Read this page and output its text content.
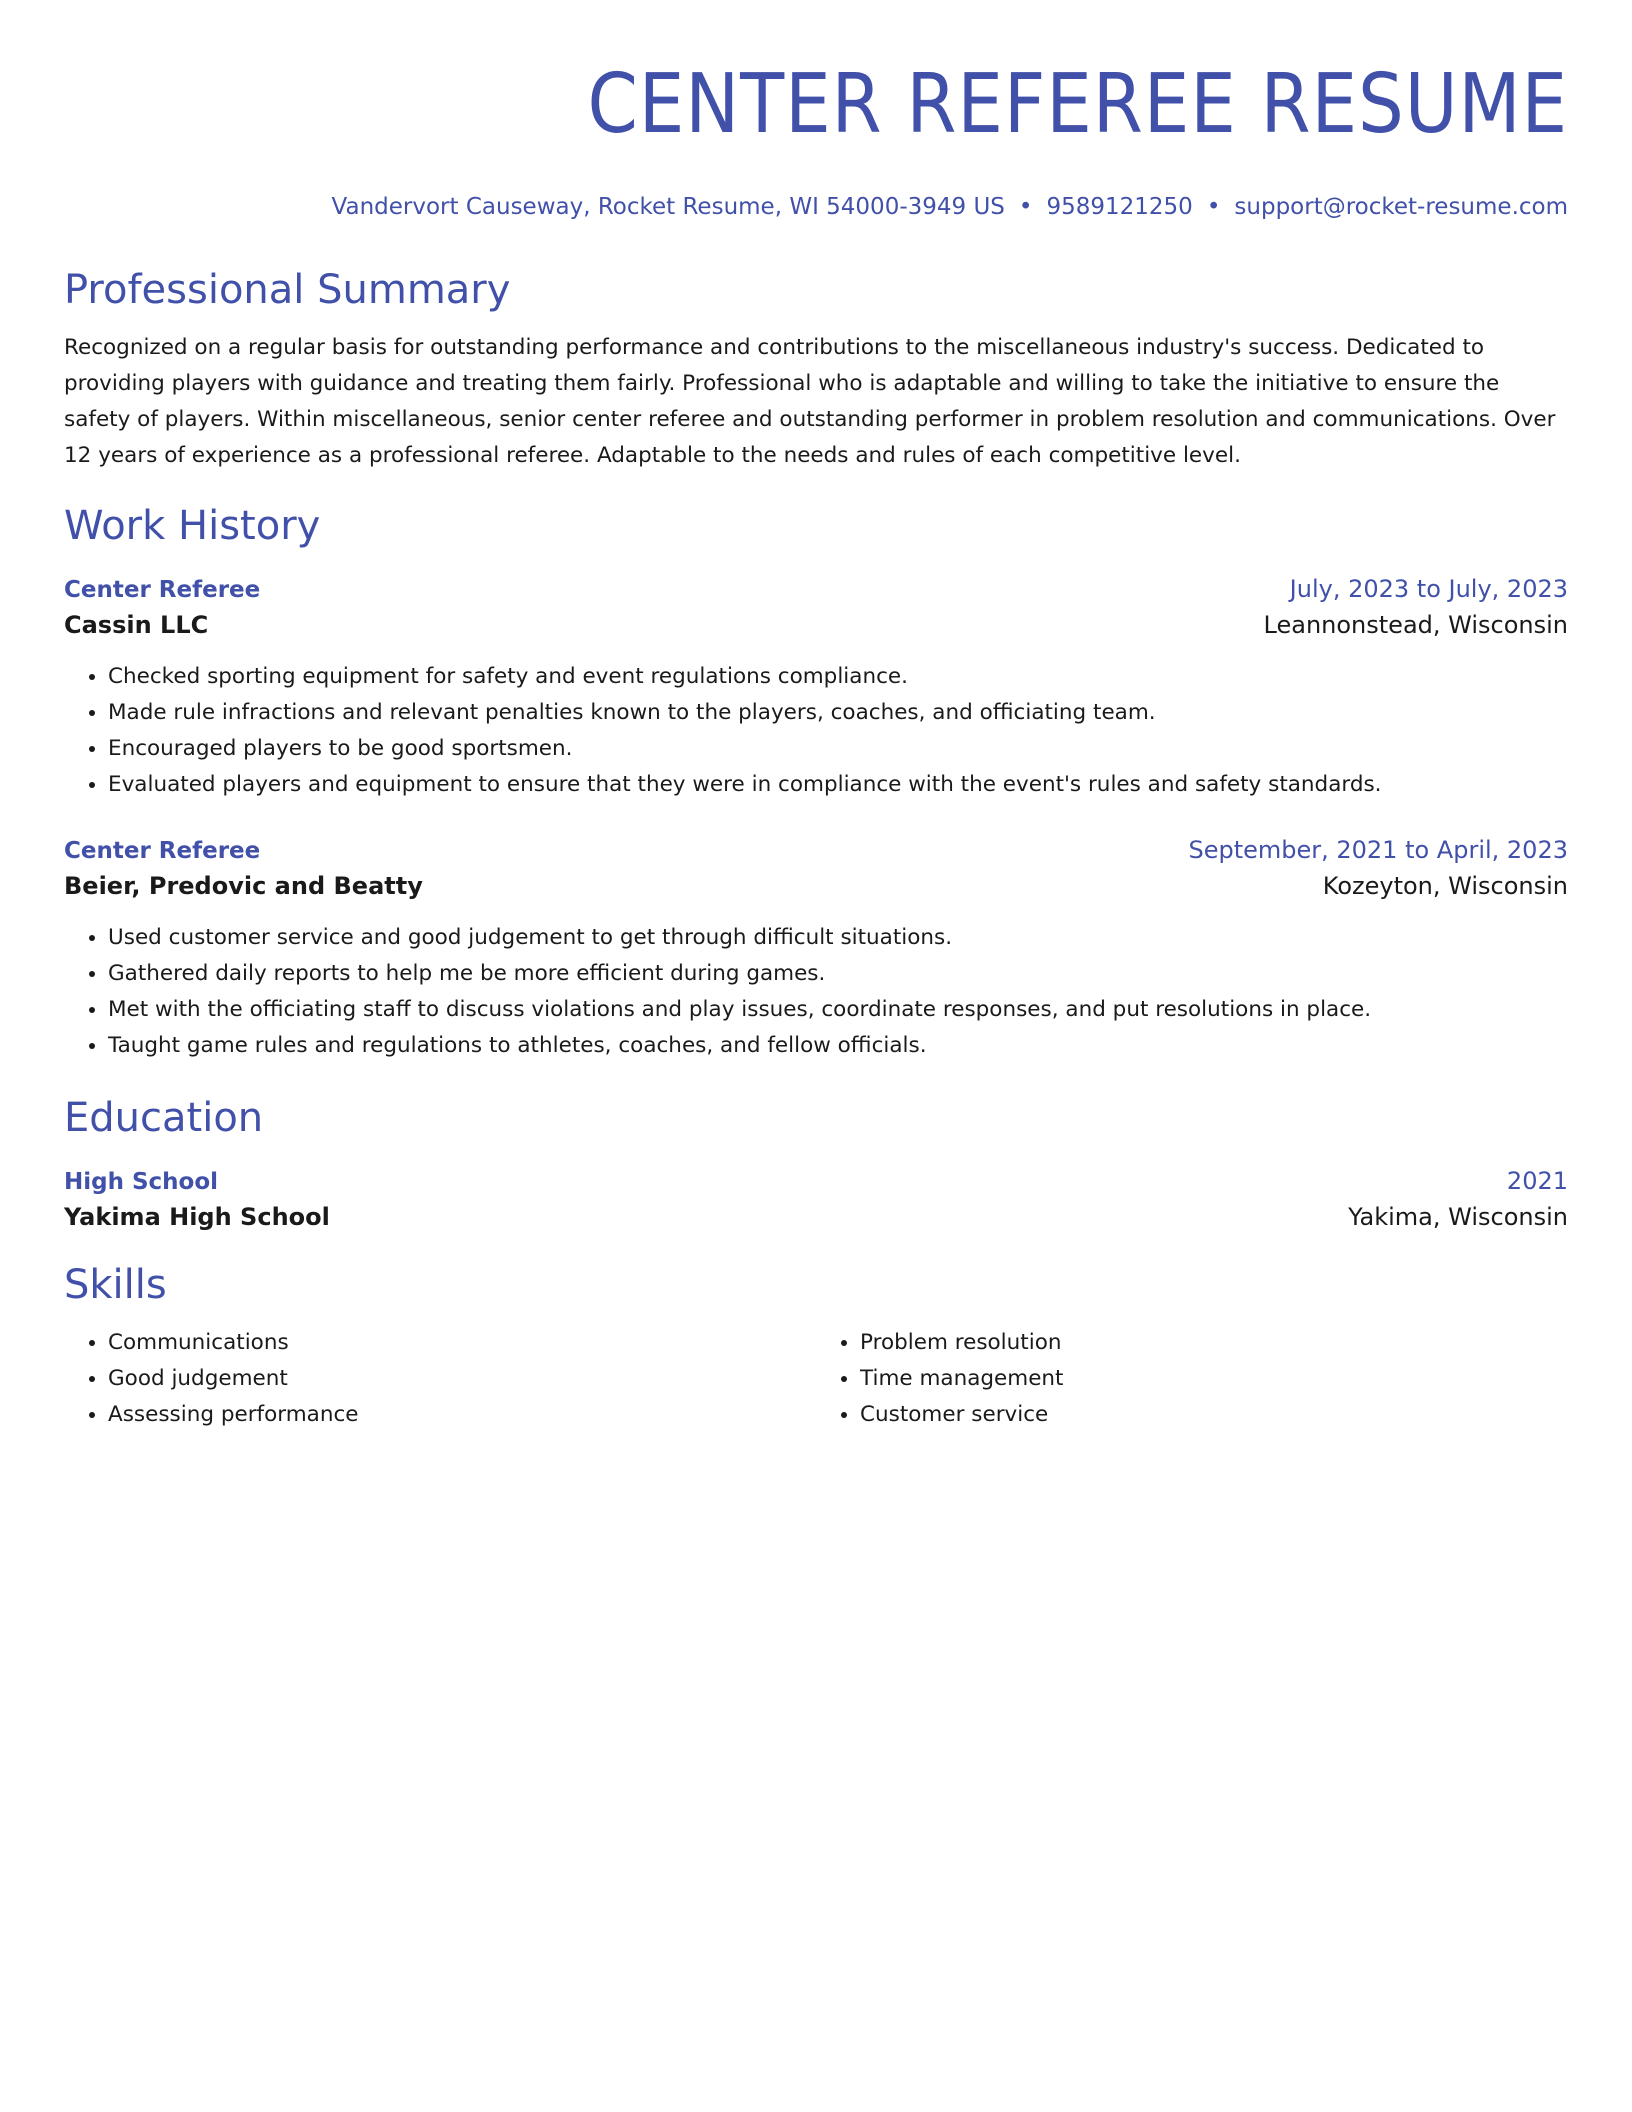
CENTER REFEREE RESUME
Vandervort Causeway, Rocket Resume, WI 54000-3949 US • 9589121250 • support@rocket-resume.com
Professional Summary

Recognized on a regular basis for outstanding performance and contributions to the miscellaneous industry's success. Dedicated to providing players with guidance and treating them fairly. Professional who is adaptable and willing to take the initiative to ensure the safety of players. Within miscellaneous, senior center referee and outstanding performer in problem resolution and communications. Over 12 years of experience as a professional referee. Adaptable to the needs and rules of each competitive level.

Work History
Center Referee	July, 2023 to July, 2023
Cassin LLC	Leannonstead, Wisconsin
• Checked sporting equipment for safety and event regulations compliance.
• Made rule infractions and relevant penalties known to the players, coaches, and officiating team.
• Encouraged players to be good sportsmen.
• Evaluated players and equipment to ensure that they were in compliance with the event's rules and safety standards.
Center Referee	September, 2021 to April, 2023
Beier, Predovic and Beatty	Kozeyton, Wisconsin
• Used customer service and good judgement to get through difficult situations.
• Gathered daily reports to help me be more efficient during games.
• Met with the officiating staff to discuss violations and play issues, coordinate responses, and put resolutions in place.
• Taught game rules and regulations to athletes, coaches, and fellow officials.
Education
High School	2021
Yakima High School	Yakima, Wisconsin
Skills
• Communications
• Good judgement
• Assessing performance
• Problem resolution
• Time management
• Customer service
